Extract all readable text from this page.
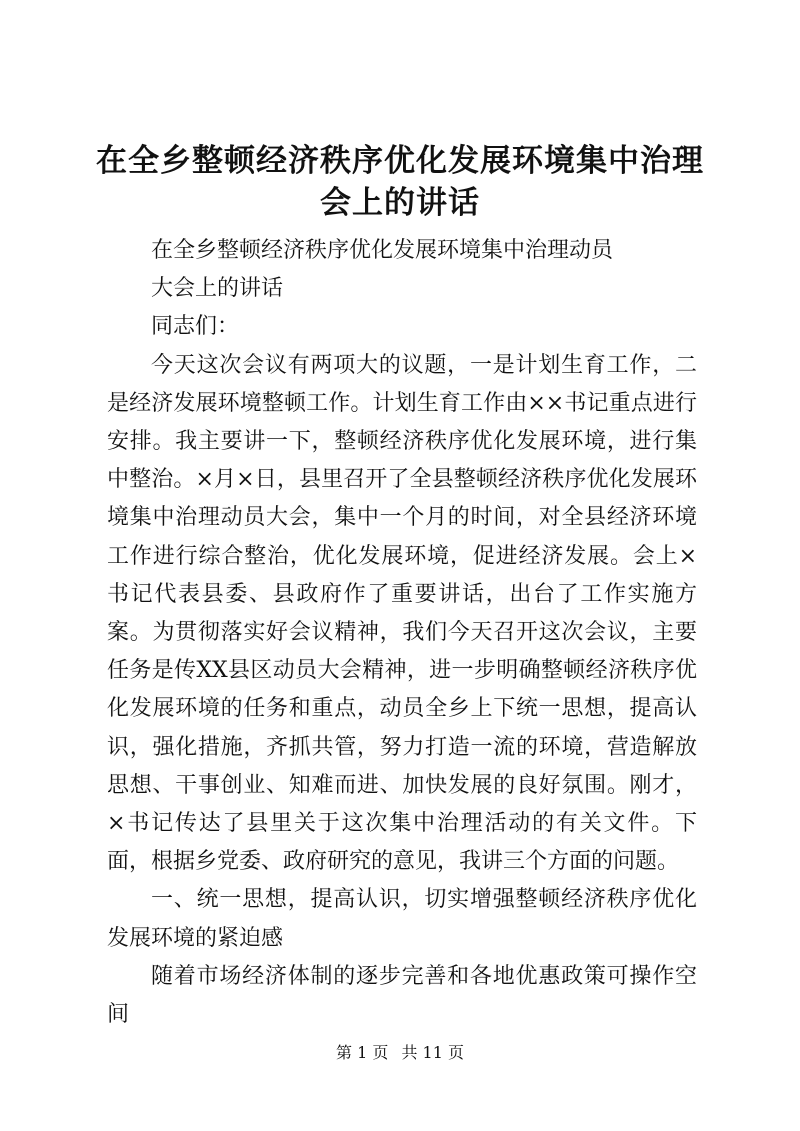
在全乡整顿经济秩序优化发展环境集中治理会上的讲话

在全乡整顿经济秩序优化发展环境集中治理动员

大会上的讲话

同志们：

今天这次会议有两项大的议题，一是计划生育工作，二是经济发展环境整顿工作。计划生育工作由××书记重点进行安排。我主要讲一下，整顿经济秩序优化发展环境，进行集中整治。×月×日，县里召开了全县整顿经济秩序优化发展环境集中治理动员大会，集中一个月的时间，对全县经济环境工作进行综合整治，优化发展环境，促进经济发展。会上×书记代表县委、县政府作了重要讲话，出台了工作实施方案。为贯彻落实好会议精神，我们今天召开这次会议，主要任务是传XX县区动员大会精神，进一步明确整顿经济秩序优化发展环境的任务和重点，动员全乡上下统一思想，提高认识，强化措施，齐抓共管，努力打造一流的环境，营造解放思想、干事创业、知难而进、加快发展的良好氛围。刚才，×书记传达了县里关于这次集中治理活动的有关文件。下面，根据乡党委、政府研究的意见，我讲三个方面的问题。

一、统一思想，提高认识，切实增强整顿经济秩序优化发展环境的紧迫感

随着市场经济体制的逐步完善和各地优惠政策可操作空间

第 1 页 共 11 页
